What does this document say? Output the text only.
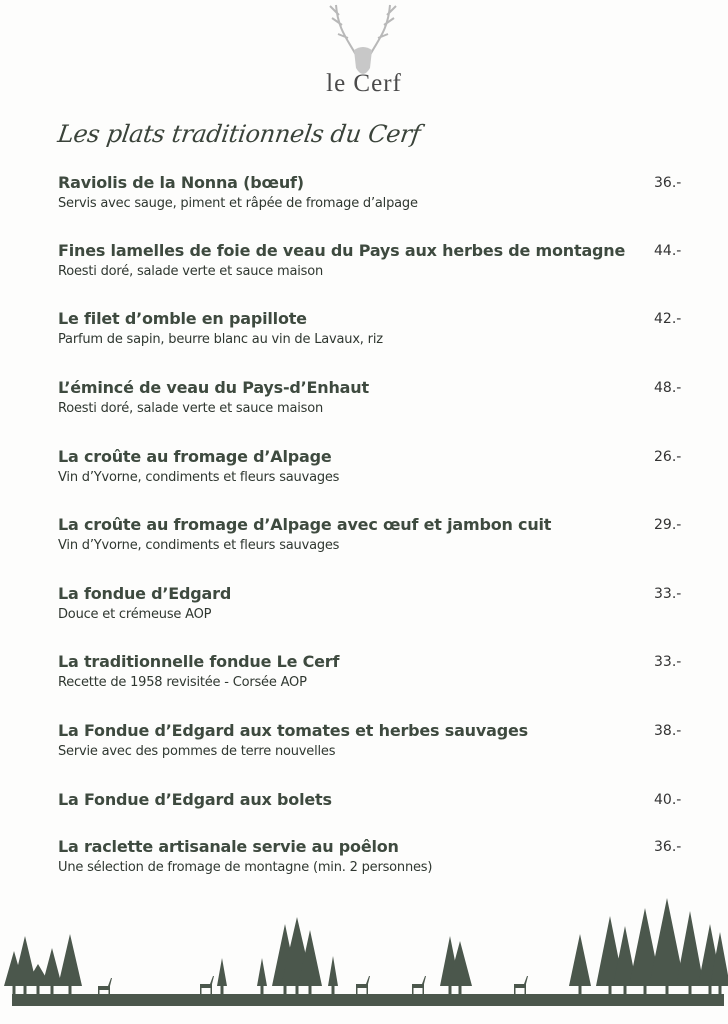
le Cerf
Les plats traditionnels du Cerf
Raviolis de la Nonna (bœuf)
Servis avec sauge, piment et râpée de fromage d’alpage
36.-
Fines lamelles de foie de veau du Pays aux herbes de montagne
Roesti doré, salade verte et sauce maison
44.-
Le filet d’omble en papillote
Parfum de sapin, beurre blanc au vin de Lavaux, riz
42.-
L’émincé de veau du Pays-d’Enhaut
Roesti doré, salade verte et sauce maison
48.-
La croûte au fromage d’Alpage
Vin d’Yvorne, condiments et fleurs sauvages
26.-
La croûte au fromage d’Alpage avec œuf et jambon cuit
Vin d’Yvorne, condiments et fleurs sauvages
29.-
La fondue d’Edgard
Douce et crémeuse AOP
33.-
La traditionnelle fondue Le Cerf
Recette de 1958 revisitée - Corsée AOP
33.-
La Fondue d’Edgard aux tomates et herbes sauvages
Servie avec des pommes de terre nouvelles
38.-
La Fondue d’Edgard aux bolets	40.-
La raclette artisanale servie au poêlon
Une sélection de fromage de montagne (min. 2 personnes)
36.-
